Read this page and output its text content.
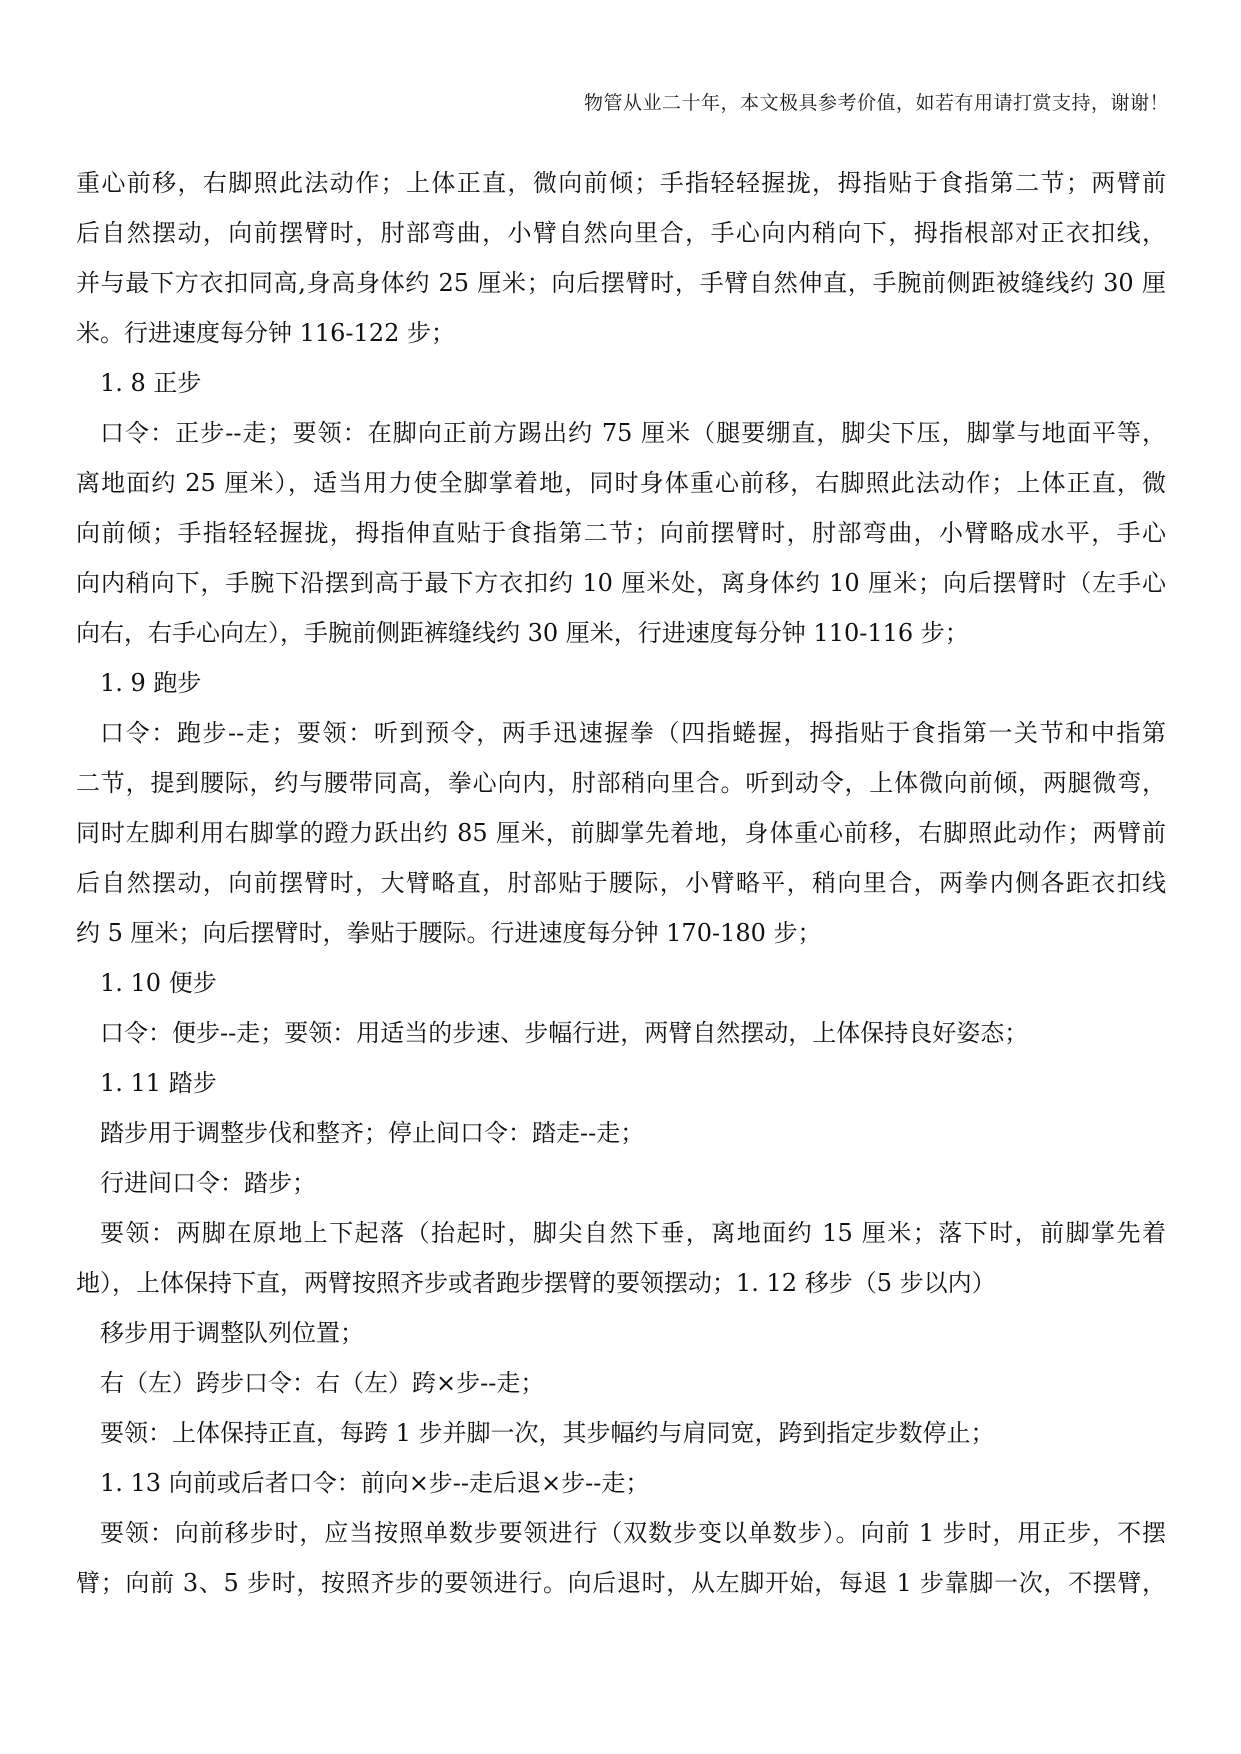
物管从业二十年，本文极具参考价值，如若有用请打赏支持，谢谢！
重心前移，右脚照此法动作；上体正直，微向前倾；手指轻轻握拢，拇指贴于食指第二节；两臂前
后自然摆动，向前摆臂时，肘部弯曲，小臂自然向里合，手心向内稍向下，拇指根部对正衣扣线，
并与最下方衣扣同高,身高身体约 25 厘米；向后摆臂时，手臂自然伸直，手腕前侧距被缝线约 30 厘
米。行进速度每分钟 116-122 步；
1. 8 正步
口令：正步--走；要领：在脚向正前方踢出约 75 厘米（腿要绷直，脚尖下压，脚掌与地面平等，
离地面约 25 厘米），适当用力使全脚掌着地，同时身体重心前移，右脚照此法动作；上体正直，微
向前倾；手指轻轻握拢，拇指伸直贴于食指第二节；向前摆臂时，肘部弯曲，小臂略成水平，手心
向内稍向下，手腕下沿摆到高于最下方衣扣约 10 厘米处，离身体约 10 厘米；向后摆臂时（左手心
向右，右手心向左），手腕前侧距裤缝线约 30 厘米，行进速度每分钟 110-116 步；
1. 9 跑步
口令：跑步--走；要领：听到预令，两手迅速握拳（四指蜷握，拇指贴于食指第一关节和中指第
二节，提到腰际，约与腰带同高，拳心向内，肘部稍向里合。听到动令，上体微向前倾，两腿微弯，
同时左脚利用右脚掌的蹬力跃出约 85 厘米，前脚掌先着地，身体重心前移，右脚照此动作；两臂前
后自然摆动，向前摆臂时，大臂略直，肘部贴于腰际，小臂略平，稍向里合，两拳内侧各距衣扣线
约 5 厘米；向后摆臂时，拳贴于腰际。行进速度每分钟 170-180 步；
1. 10 便步
口令：便步--走；要领：用适当的步速、步幅行进，两臂自然摆动，上体保持良好姿态；
1. 11 踏步
踏步用于调整步伐和整齐；停止间口令：踏走--走；
行进间口令：踏步；
要领：两脚在原地上下起落（抬起时，脚尖自然下垂，离地面约 15 厘米；落下时，前脚掌先着
地），上体保持下直，两臂按照齐步或者跑步摆臂的要领摆动；1. 12 移步（5 步以内）
移步用于调整队列位置；
右（左）跨步口令：右（左）跨×步--走；
要领：上体保持正直，每跨 1 步并脚一次，其步幅约与肩同宽，跨到指定步数停止；
1. 13 向前或后者口令：前向×步--走后退×步--走；
要领：向前移步时，应当按照单数步要领进行（双数步变以单数步）。向前 1 步时，用正步，不摆
臂；向前 3、5 步时，按照齐步的要领进行。向后退时，从左脚开始，每退 1 步靠脚一次，不摆臂，
